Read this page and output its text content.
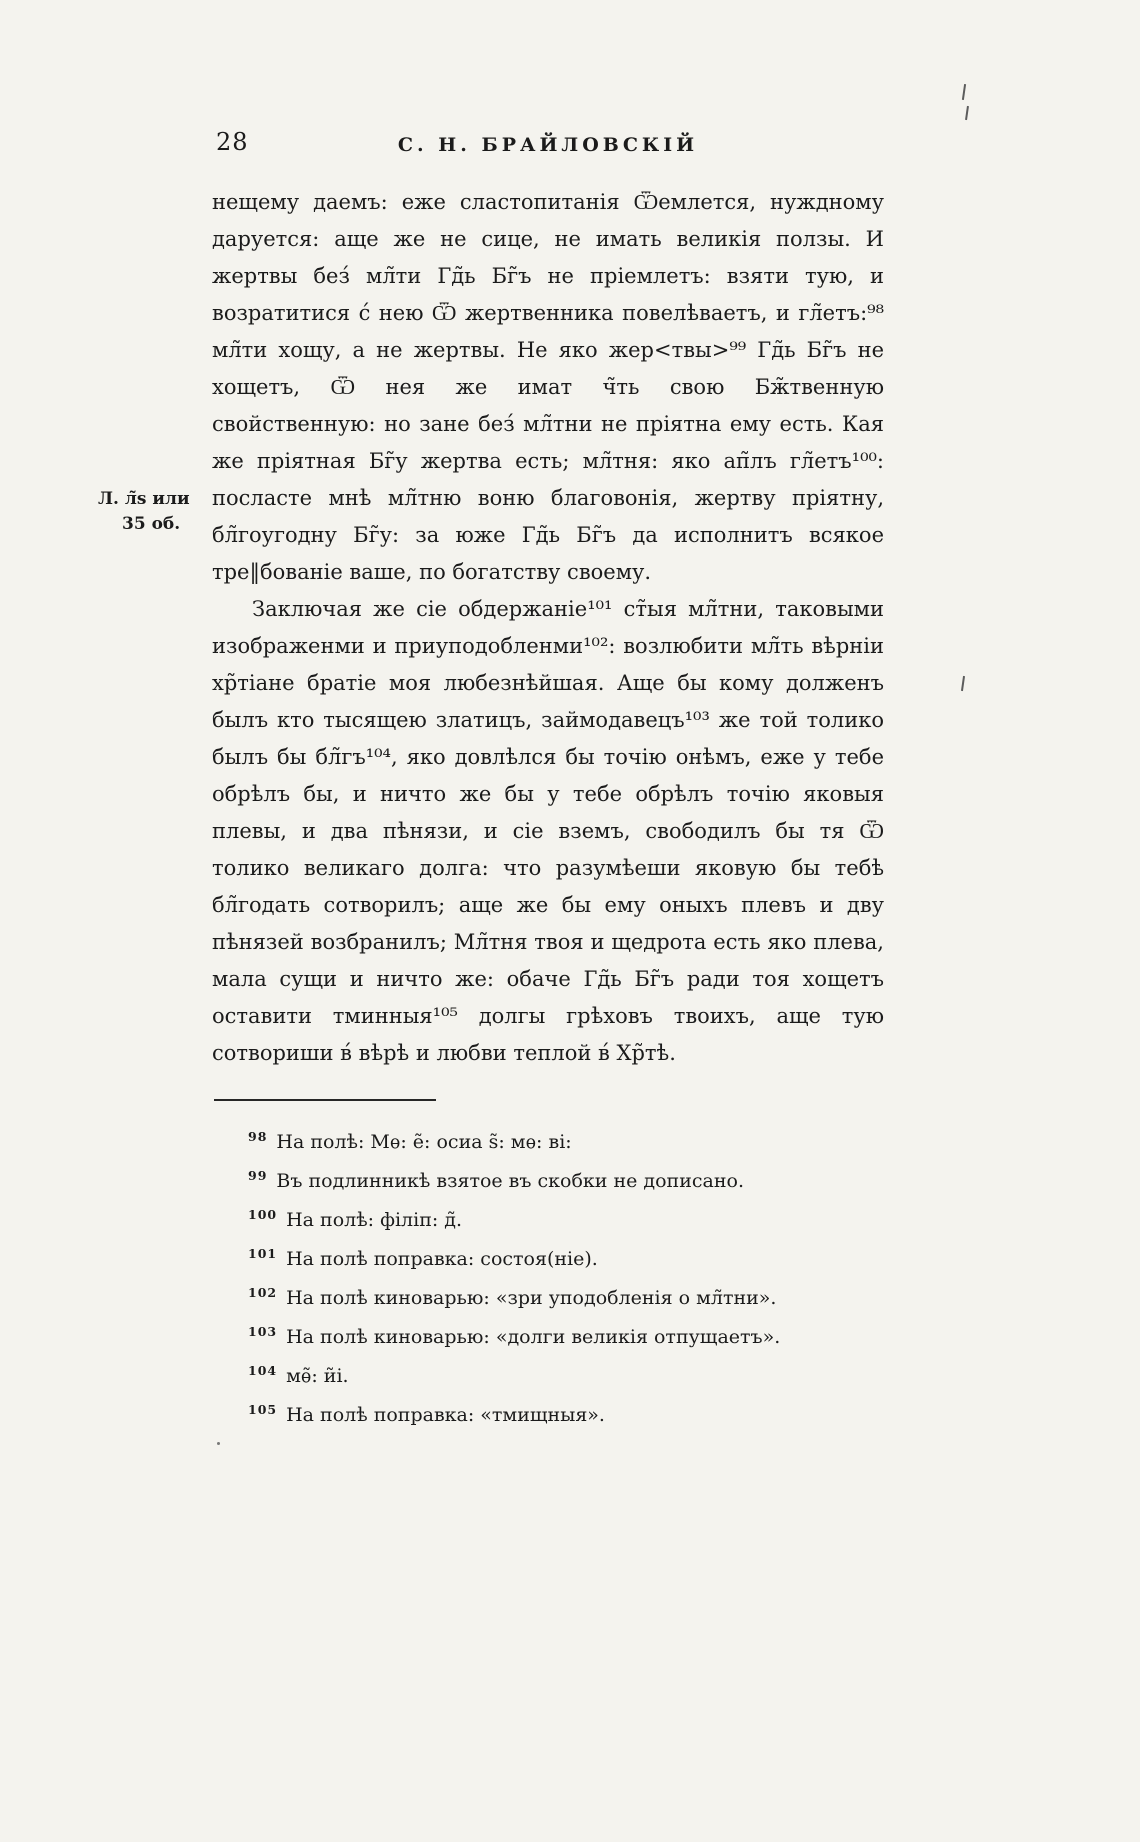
28	С. Н. БРАЙЛОВСКІЙ
Л. л̃ѕ или
35 об.

нещему даемъ: еже сластопитанія Ѿемлется, нуждному даруется: аще же не сице, не имать великія ползы. И жертвы без́ мл̃ти Гд̃ь Бг̃ъ не пріемлетъ: взяти тую, и возратитися с́ нею Ѿ жертвенника повелѣваетъ, и гл̃етъ:⁹⁸ мл̃ти хощу, а не жертвы. Не яко жер<твы>⁹⁹ Гд̃ь Бг̃ъ не хощетъ, Ѿ нея же имат ч̃ть свою Бж̃твенную свойственную: но зане без́ мл̃тни не пріятна ему есть. Кая же пріятная Бг̃у жертва есть; мл̃тня: яко ап̃лъ гл̃етъ¹⁰⁰: посласте мнѣ мл̃тню воню благовонія, жертву пріятну, бл̃гоугодну Бг̃у: за юже Гд̃ь Бг̃ъ да исполнитъ всякое тре‖бованіе ваше, по богатству своему.

Заключая же сіе обдержаніе¹⁰¹ ст̃ыя мл̃тни, таковыми изображенми и приуподобленми¹⁰²: возлюбити мл̃ть вѣрніи хр̃тіане братіе моя любезнѣйшая. Аще бы кому долженъ былъ кто тысящею златицъ, займодавецъ¹⁰³ же той толико былъ бы бл̃гъ¹⁰⁴, яко довлѣлся бы точію онѣмъ, еже у тебе обрѣлъ бы, и ничто же бы у тебе обрѣлъ точію яковыя плевы, и два пѣнязи, и сіе вземъ, свободилъ бы тя Ѿ толико великаго долга: что разумѣеши яковую бы тебѣ бл̃годать сотворилъ; аще же бы ему оныхъ плевъ и дву пѣнязей возбранилъ; Мл̃тня твоя и щедрота есть яко плева, мала сущи и ничто же: обаче Гд̃ь Бг̃ъ ради тоя хощетъ оставити тминныя¹⁰⁵ долгы грѣховъ твоихъ, аще тую сотвориши в́ вѣрѣ и любви теплой в́ Хр̃тѣ.

$^{98}$ На полѣ: Мѳ: е̃: осиа ѕ̃: мѳ: ві:
$^{99}$ Въ подлинникѣ взятое въ скобки не дописано.
$^{100}$ На полѣ: філіп: д̃.
$^{101}$ На полѣ поправка: состоя(ніе).
$^{102}$ На полѣ киноварью: «зри уподобленія о мл̃тни».
$^{103}$ На полѣ киноварью: «долги великія отпущаетъ».
$^{104}$ мѳ̃: и̃і.
$^{105}$ На полѣ поправка: «тмищныя».
